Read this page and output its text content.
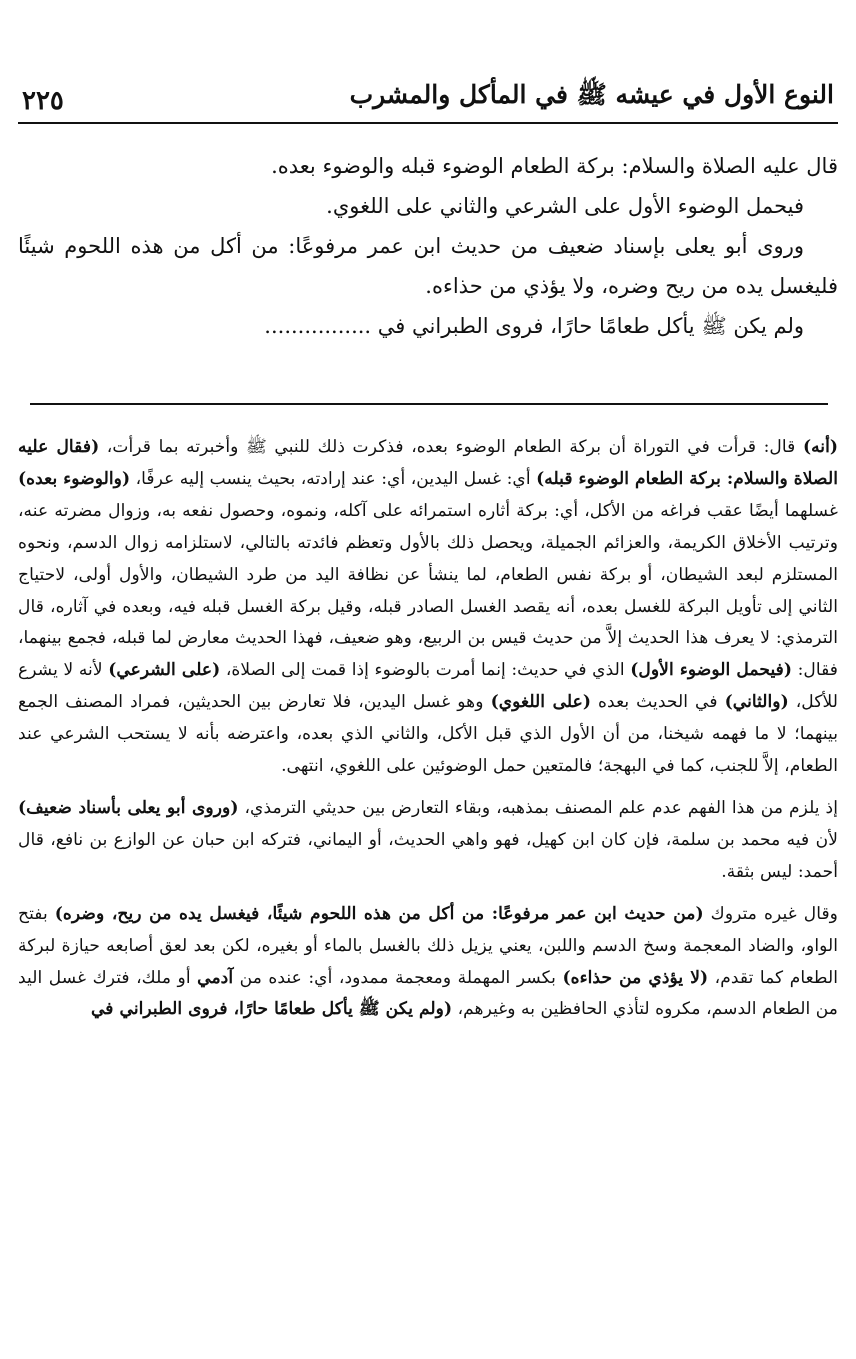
النوع الأول في عيشه ﷺ في المأكل والمشرب
٢٢٥

قال عليه الصلاة والسلام: بركة الطعام الوضوء قبله والوضوء بعده.

فيحمل الوضوء الأول على الشرعي والثاني على اللغوي.

وروى أبو يعلى بإسناد ضعيف من حديث ابن عمر مرفوعًا: من أكل من هذه اللحوم شيئًا فليغسل يده من ريح وضره، ولا يؤذي من حذاءه.

ولم يكن ﷺ يأكل طعامًا حارًا، فروى الطبراني في ................

(أنه) قال: قرأت في التوراة أن بركة الطعام الوضوء بعده، فذكرت ذلك للنبي ﷺ وأخبرته بما قرأت، (فقال عليه الصلاة والسلام: بركة الطعام الوضوء قبله) أي: غسل اليدين، أي: عند إرادته، بحيث ينسب إليه عرفًا، (والوضوء بعده) غسلهما أيضًا عقب فراغه من الأكل، أي: بركة أثاره استمرائه على آكله، ونموه، وحصول نفعه به، وزوال مضرته عنه، وترتيب الأخلاق الكريمة، والعزائم الجميلة، ويحصل ذلك بالأول وتعظم فائدته بالتالي، لاستلزامه زوال الدسم، ونحوه المستلزم لبعد الشيطان، أو بركة نفس الطعام، لما ينشأ عن نظافة اليد من طرد الشيطان، والأول أولى، لاحتياج الثاني إلى تأويل البركة للغسل بعده، أنه يقصد الغسل الصادر قبله، وقيل بركة الغسل قبله فيه، وبعده في آثاره، قال الترمذي: لا يعرف هذا الحديث إلاَّ من حديث قيس بن الربيع، وهو ضعيف، فهذا الحديث معارض لما قبله، فجمع بينهما، فقال: (فيحمل الوضوء الأول) الذي في حديث: إنما أمرت بالوضوء إذا قمت إلى الصلاة، (على الشرعي) لأنه لا يشرع للأكل، (والثاني) في الحديث بعده (على اللغوي) وهو غسل اليدين، فلا تعارض بين الحديثين، فمراد المصنف الجمع بينهما؛ لا ما فهمه شيخنا، من أن الأول الذي قبل الأكل، والثاني الذي بعده، واعترضه بأنه لا يستحب الشرعي عند الطعام، إلاَّ للجنب، كما في البهجة؛ فالمتعين حمل الوضوئين على اللغوي، انتهى.

إذ يلزم من هذا الفهم عدم علم المصنف بمذهبه، وبقاء التعارض بين حديثي الترمذي، (وروى أبو يعلى بأسناد ضعيف) لأن فيه محمد بن سلمة، فإن كان ابن كهيل، فهو واهي الحديث، أو اليماني، فتركه ابن حبان عن الوازع بن نافع، قال أحمد: ليس بثقة.

وقال غيره متروك (من حديث ابن عمر مرفوعًا: من أكل من هذه اللحوم شيئًا، فيغسل يده من ريح، وضره) بفتح الواو، والضاد المعجمة وسخ الدسم واللبن، يعني يزيل ذلك بالغسل بالماء أو بغيره، لكن بعد لعق أصابعه حيازة لبركة الطعام كما تقدم، (لا يؤذي من حذاءه) بكسر المهملة ومعجمة ممدود، أي: عنده من آدمي أو ملك، فترك غسل اليد من الطعام الدسم، مكروه لتأذي الحافظين به وغيرهم، (ولم يكن ﷺ يأكل طعامًا حارًا، فروى الطبراني في
